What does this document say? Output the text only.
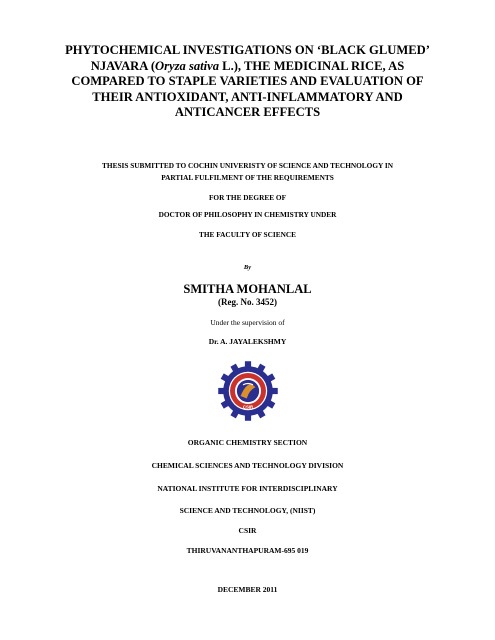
PHYTOCHEMICAL INVESTIGATIONS ON ‘BLACK GLUMED’
NJAVARA (Oryza sativa L.), THE MEDICINAL RICE, AS
COMPARED TO STAPLE VARIETIES AND EVALUATION OF
THEIR ANTIOXIDANT, ANTI-INFLAMMATORY AND
ANTICANCER EFFECTS
THESIS SUBMITTED TO COCHIN UNIVERISTY OF SCIENCE AND TECHNOLOGY IN
PARTIAL FULFILMENT OF THE REQUIREMENTS
FOR THE DEGREE OF
DOCTOR OF PHILOSOPHY IN CHEMISTRY UNDER
THE FACULTY OF SCIENCE
By
SMITHA MOHANLAL
(Reg. No. 3452)
Under the supervision of
Dr. A. JAYALEKSHMY
CSIR
ORGANIC CHEMISTRY SECTION
CHEMICAL SCIENCES AND TECHNOLOGY DIVISION
NATIONAL INSTITUTE FOR INTERDISCIPLINARY
SCIENCE AND TECHNOLOGY, (NIIST)
CSIR
THIRUVANANTHAPURAM-695 019
DECEMBER 2011
